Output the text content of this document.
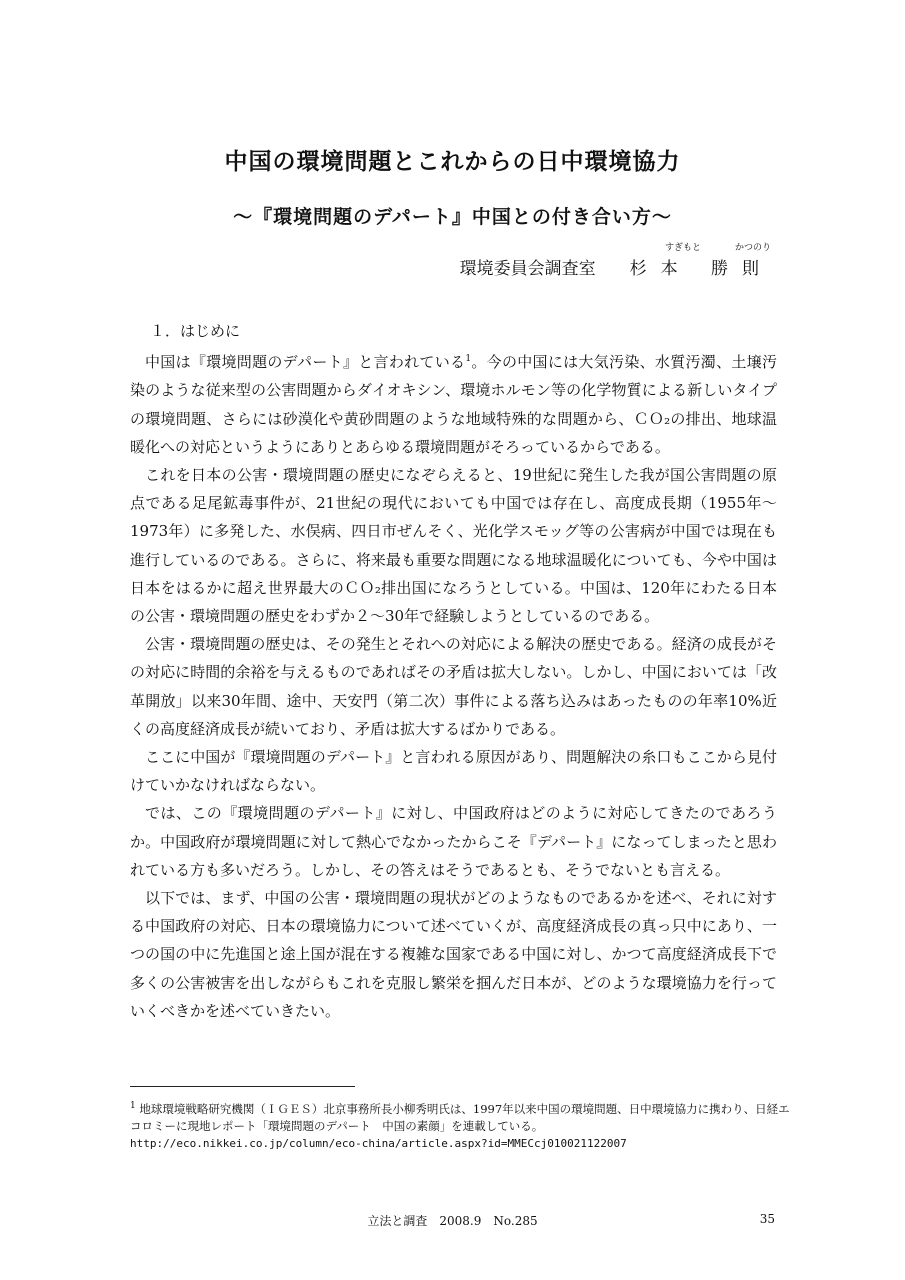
中国の環境問題とこれからの日中環境協力
～『環境問題のデパート』中国との付き合い方～
すぎもと	かつのり
環境委員会調査室 杉本 勝則

１．はじめに

中国は『環境問題のデパート』と言われている$^1$。今の中国には大気汚染、水質汚濁、土壌汚染のような従来型の公害問題からダイオキシン、環境ホルモン等の化学物質による新しいタイプの環境問題、さらには砂漠化や黄砂問題のような地域特殊的な問題から、ＣＯ₂の排出、地球温暖化への対応というようにありとあらゆる環境問題がそろっているからである。

これを日本の公害・環境問題の歴史になぞらえると、19世紀に発生した我が国公害問題の原点である足尾鉱毒事件が、21世紀の現代においても中国では存在し、高度成長期（1955年～1973年）に多発した、水俣病、四日市ぜんそく、光化学スモッグ等の公害病が中国では現在も進行しているのである。さらに、将来最も重要な問題になる地球温暖化についても、今や中国は日本をはるかに超え世界最大のＣＯ₂排出国になろうとしている。中国は、120年にわたる日本の公害・環境問題の歴史をわずか２～30年で経験しようとしているのである。

公害・環境問題の歴史は、その発生とそれへの対応による解決の歴史である。経済の成長がその対応に時間的余裕を与えるものであればその矛盾は拡大しない。しかし、中国においては「改革開放」以来30年間、途中、天安門（第二次）事件による落ち込みはあったものの年率10%近くの高度経済成長が続いており、矛盾は拡大するばかりである。

ここに中国が『環境問題のデパート』と言われる原因があり、問題解決の糸口もここから見付けていかなければならない。

では、この『環境問題のデパート』に対し、中国政府はどのように対応してきたのであろうか。中国政府が環境問題に対して熱心でなかったからこそ『デパート』になってしまったと思われている方も多いだろう。しかし、その答えはそうであるとも、そうでないとも言える。

以下では、まず、中国の公害・環境問題の現状がどのようなものであるかを述べ、それに対する中国政府の対応、日本の環境協力について述べていくが、高度経済成長の真っ只中にあり、一つの国の中に先進国と途上国が混在する複雑な国家である中国に対し、かつて高度経済成長下で多くの公害被害を出しながらもこれを克服し繁栄を掴んだ日本が、どのような環境協力を行っていくべきかを述べていきたい。

$^1$ 地球環境戦略研究機関（ＩＧＥＳ）北京事務所長小柳秀明氏は、1997年以来中国の環境問題、日中環境協力に携わり、日経エコロミーに現地レポート「環境問題のデパート　中国の素顔」を連載している。
http://eco.nikkei.co.jp/column/eco-china/article.aspx?id=MMECcj010021122007
立法と調査　2008.9　No.285	35
